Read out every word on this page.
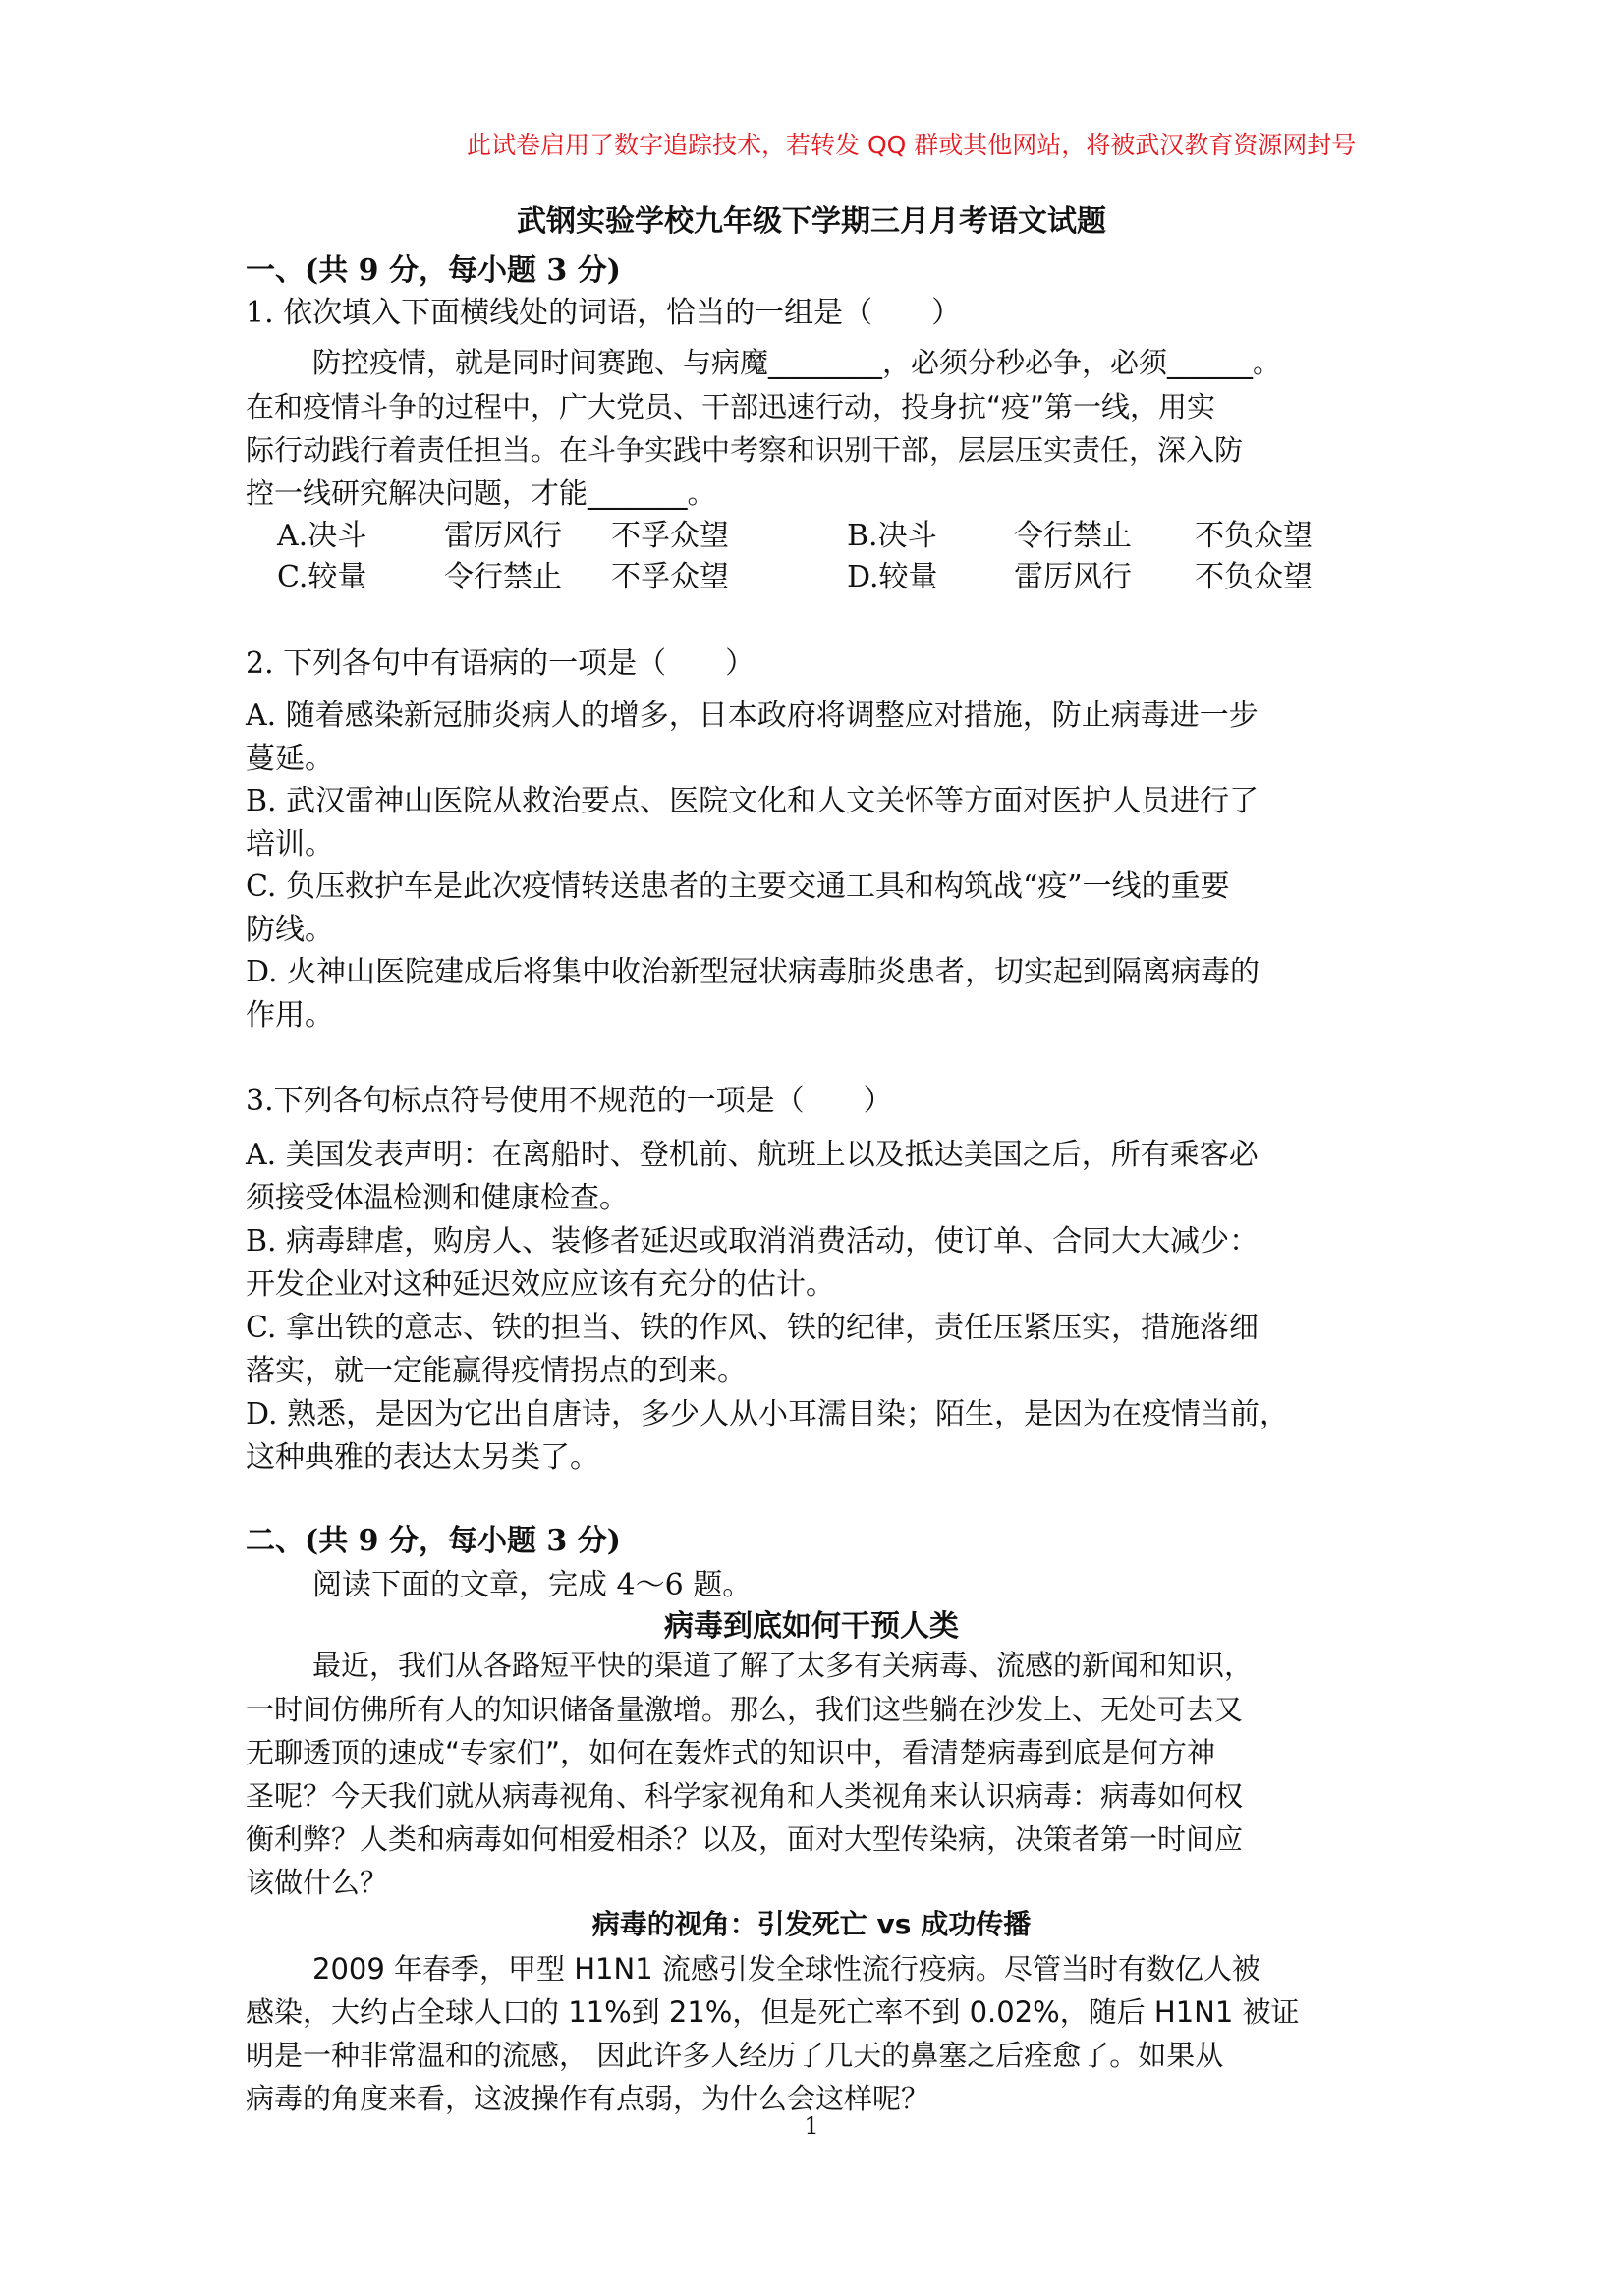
此试卷启用了数字追踪技术，若转发 QQ 群或其他网站，将被武汉教育资源网封号
武钢实验学校九年级下学期三月月考语文试题
一、(共 9 分，每小题 3 分)
1. 依次填入下面横线处的词语，恰当的一组是（　　）
防控疫情，就是同时间赛跑、与病魔________，必须分秒必争，必须______。
在和疫情斗争的过程中，广大党员、干部迅速行动，投身抗“疫”第一线，用实
际行动践行着责任担当。在斗争实践中考察和识别干部，层层压实责任，深入防
控一线研究解决问题，才能_______。
A.决斗	雷厉风行 不孚众望	B.决斗	令行禁止 不负众望
C.较量	令行禁止 不孚众望	D.较量	雷厉风行 不负众望
2. 下列各句中有语病的一项是（　　）
A. 随着感染新冠肺炎病人的增多，日本政府将调整应对措施，防止病毒进一步
蔓延。
B. 武汉雷神山医院从救治要点、医院文化和人文关怀等方面对医护人员进行了
培训。
C. 负压救护车是此次疫情转送患者的主要交通工具和构筑战“疫”一线的重要
防线。
D. 火神山医院建成后将集中收治新型冠状病毒肺炎患者，切实起到隔离病毒的
作用。
3.下列各句标点符号使用不规范的一项是（　　）
A. 美国发表声明：在离船时、登机前、航班上以及抵达美国之后，所有乘客必
须接受体温检测和健康检查。
B. 病毒肆虐，购房人、装修者延迟或取消消费活动，使订单、合同大大减少：
开发企业对这种延迟效应应该有充分的估计。
C. 拿出铁的意志、铁的担当、铁的作风、铁的纪律，责任压紧压实，措施落细
落实，就一定能赢得疫情拐点的到来。
D. 熟悉，是因为它出自唐诗，多少人从小耳濡目染；陌生，是因为在疫情当前，
这种典雅的表达太另类了。
二、(共 9 分，每小题 3 分)
阅读下面的文章，完成 4～6 题。
病毒到底如何干预人类
最近，我们从各路短平快的渠道了解了太多有关病毒、流感的新闻和知识，
一时间仿佛所有人的知识储备量激增。那么，我们这些躺在沙发上、无处可去又
无聊透顶的速成“专家们”，如何在轰炸式的知识中，看清楚病毒到底是何方神
圣呢？今天我们就从病毒视角、科学家视角和人类视角来认识病毒：病毒如何权
衡利弊？人类和病毒如何相爱相杀？以及，面对大型传染病，决策者第一时间应
该做什么？
病毒的视角：引发死亡 vs 成功传播
2009 年春季，甲型 H1N1 流感引发全球性流行疫病。尽管当时有数亿人被
感染，大约占全球人口的 11%到 21%，但是死亡率不到 0.02%，随后 H1N1 被证
明是一种非常温和的流感， 因此许多人经历了几天的鼻塞之后痊愈了。如果从
病毒的角度来看，这波操作有点弱，为什么会这样呢？
1
